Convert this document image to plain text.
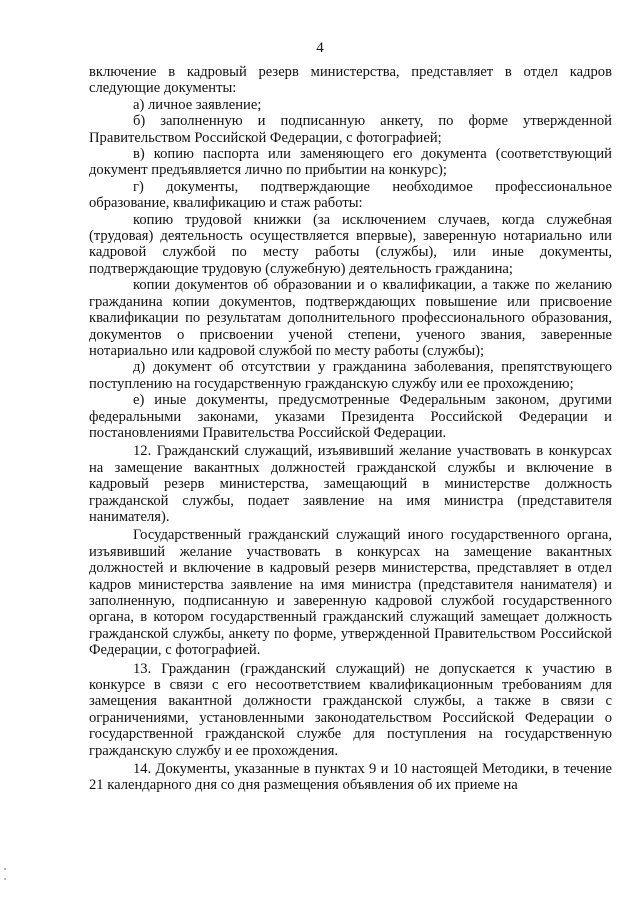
4

включение в кадровый резерв министерства, представляет в отдел кадров следующие документы:

а) личное заявление;

б) заполненную и подписанную анкету, по форме утвержденной Правительством Российской Федерации, с фотографией;

в) копию паспорта или заменяющего его документа (соответствующий документ предъявляется лично по прибытии на конкурс);

г) документы, подтверждающие необходимое профессиональное образование, квалификацию и стаж работы:

копию трудовой книжки (за исключением случаев, когда служебная (трудовая) деятельность осуществляется впервые), заверенную нотариально или кадровой службой по месту работы (службы), или иные документы, подтверждающие трудовую (служебную) деятельность гражданина;

копии документов об образовании и о квалификации, а также по желанию гражданина копии документов, подтверждающих повышение или присвоение квалификации по результатам дополнительного профессионального образования, документов о присвоении ученой степени, ученого звания, заверенные нотариально или кадровой службой по месту работы (службы);

д) документ об отсутствии у гражданина заболевания, препятствующего поступлению на государственную гражданскую службу или ее прохождению;

е) иные документы, предусмотренные Федеральным законом, другими федеральными законами, указами Президента Российской Федерации и постановлениями Правительства Российской Федерации.

12. Гражданский служащий, изъявивший желание участвовать в конкурсах на замещение вакантных должностей гражданской службы и включение в кадровый резерв министерства, замещающий в министерстве должность гражданской службы, подает заявление на имя министра (представителя нанимателя).

Государственный гражданский служащий иного государственного органа, изъявивший желание участвовать в конкурсах на замещение вакантных должностей и включение в кадровый резерв министерства, представляет в отдел кадров министерства заявление на имя министра (представителя нанимателя) и заполненную, подписанную и заверенную кадровой службой государственного органа, в котором государственный гражданский служащий замещает должность гражданской службы, анкету по форме, утвержденной Правительством Российской Федерации, с фотографией.

13. Гражданин (гражданский служащий) не допускается к участию в конкурсе в связи с его несоответствием квалификационным требованиям для замещения вакантной должности гражданской службы, а также в связи с ограничениями, установленными законодательством Российской Федерации о государственной гражданской службе для поступления на государственную гражданскую службу и ее прохождения.

14. Документы, указанные в пунктах 9 и 10 настоящей Методики, в течение 21 календарного дня со дня размещения объявления об их приеме на
